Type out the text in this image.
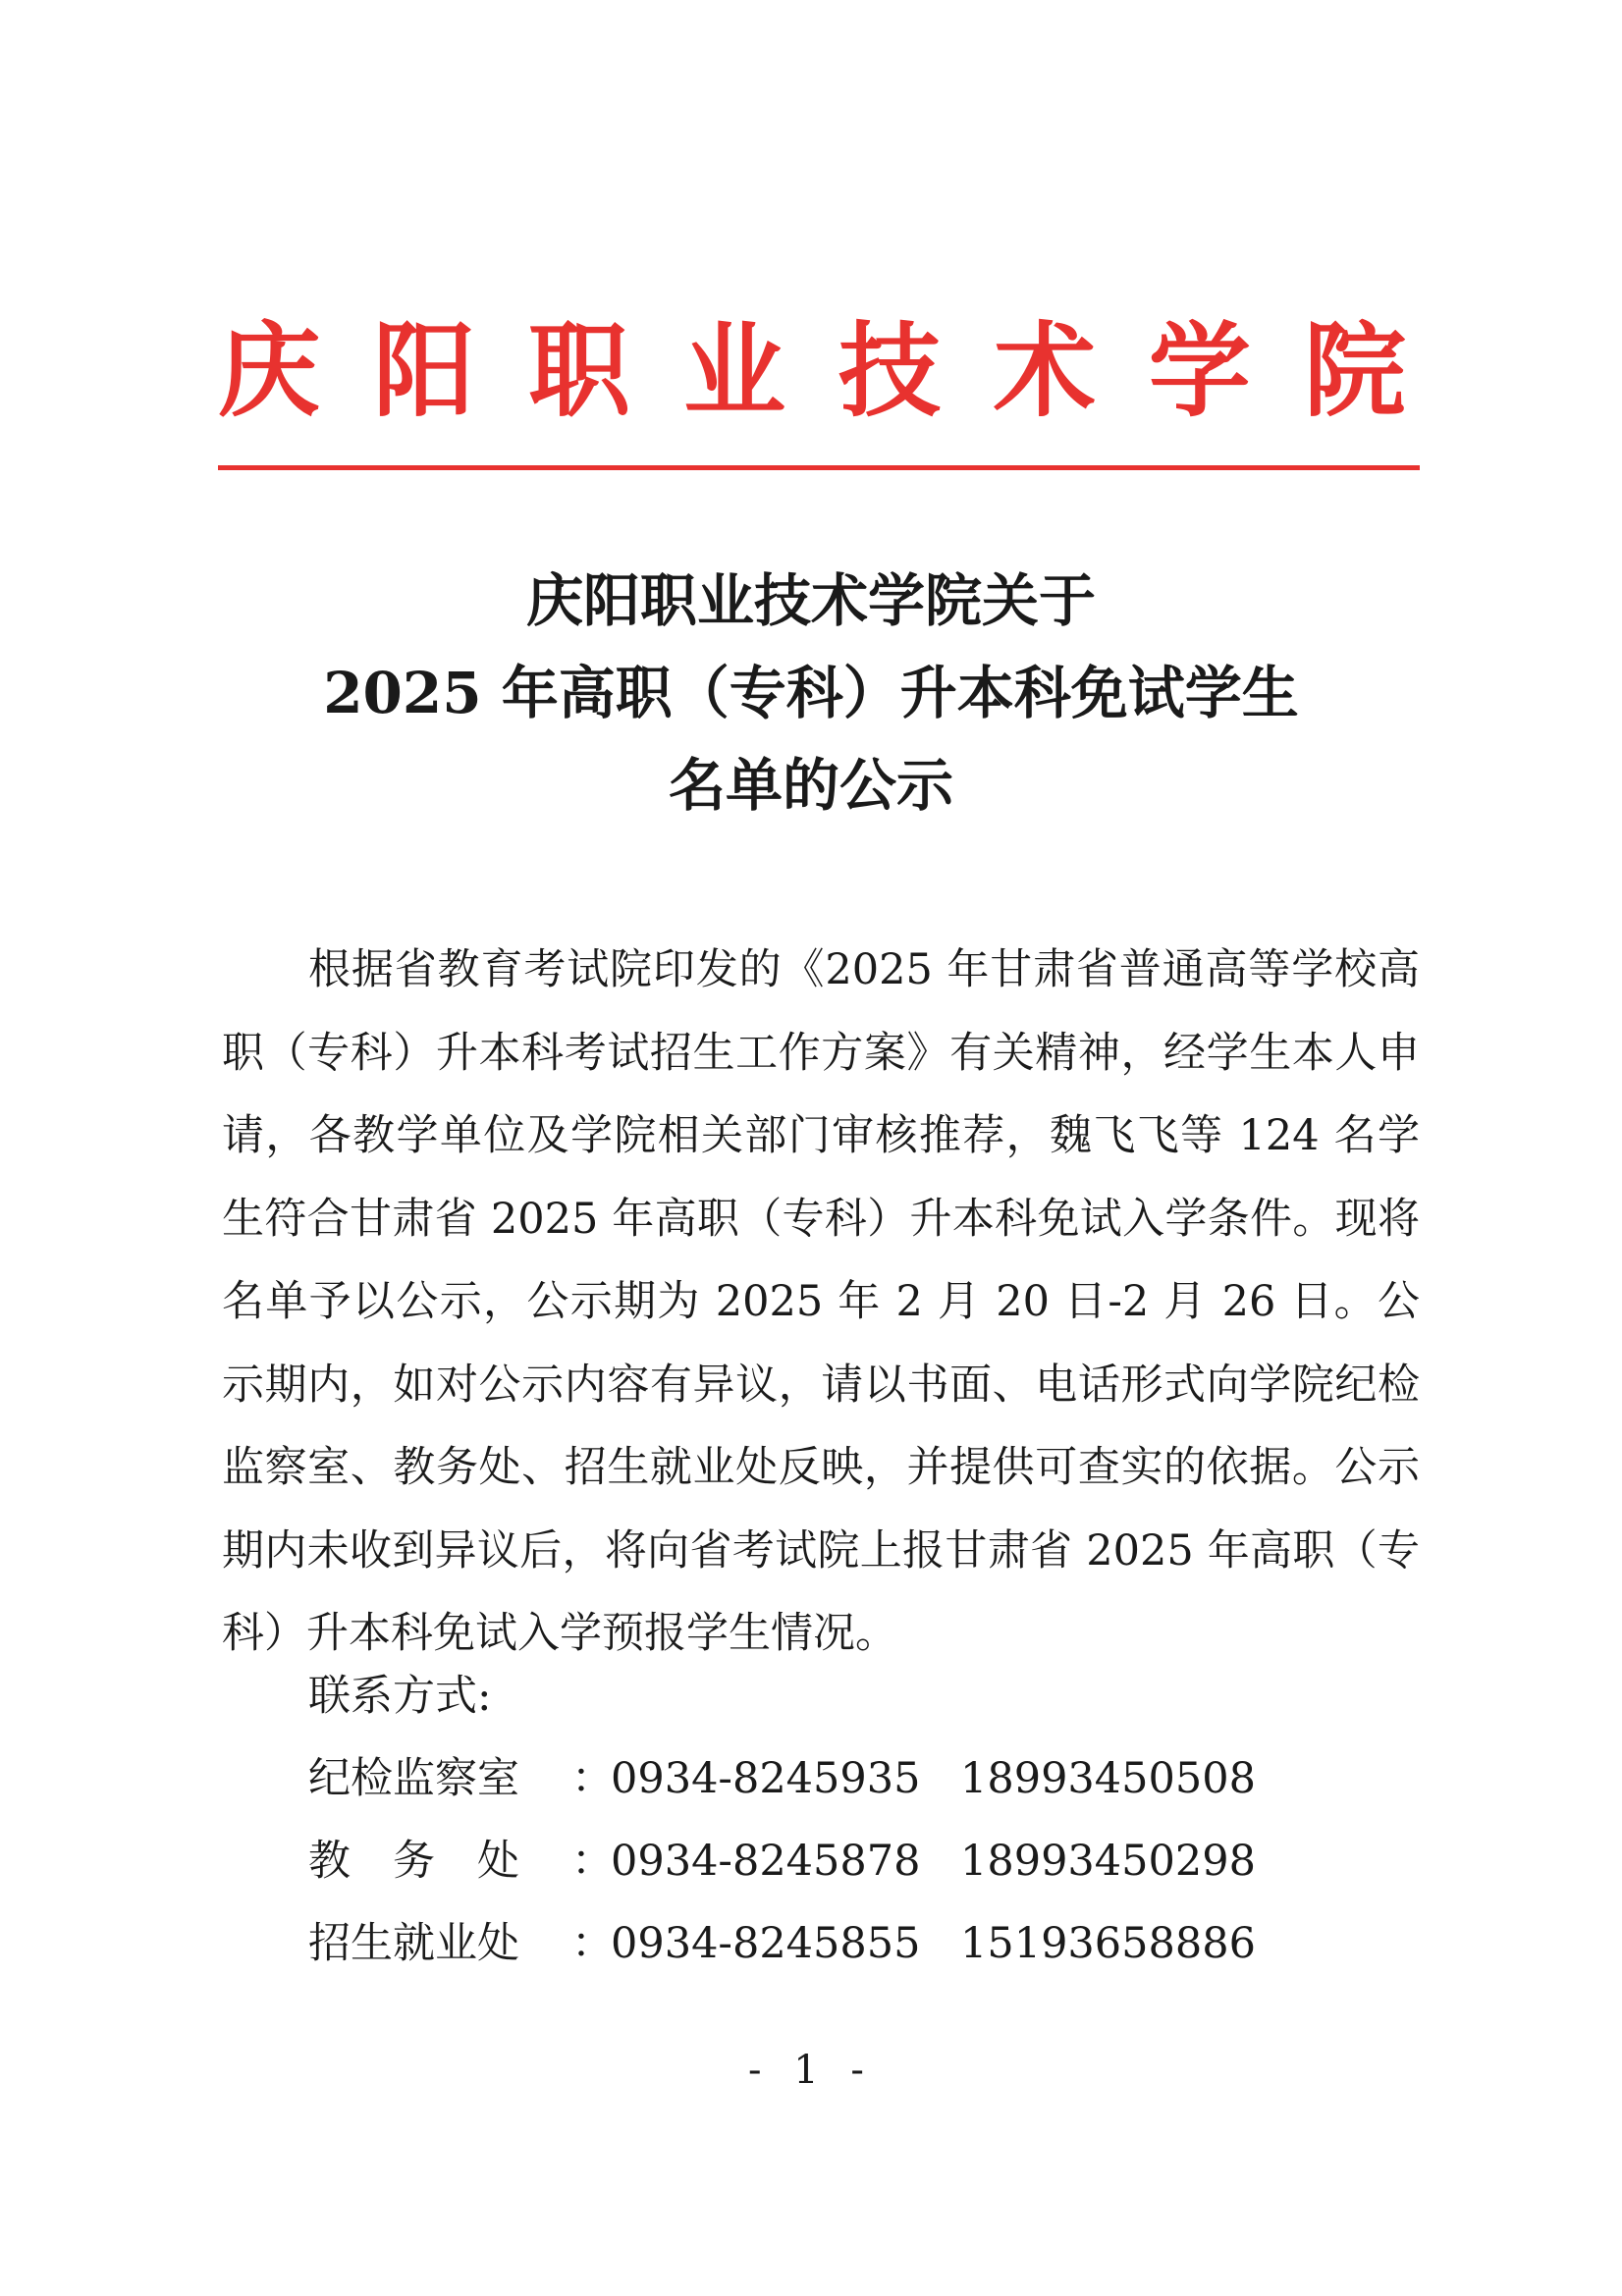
庆 阳 职 业 技 术 学 院
庆阳职业技术学院关于
2025 年高职（专科）升本科免试学生
名单的公示

根据省教育考试院印发的《2025 年甘肃省普通高等学校高职（专科）升本科考试招生工作方案》有关精神，经学生本人申请，各教学单位及学院相关部门审核推荐，魏飞飞等 124 名学生符合甘肃省 2025 年高职（专科）升本科免试入学条件。现将名单予以公示，公示期为 2025 年 2 月 20 日-2 月 26 日。公示期内，如对公示内容有异议，请以书面、电话形式向学院纪检监察室、教务处、招生就业处反映，并提供可查实的依据。公示期内未收到异议后，将向省考试院上报甘肃省 2025 年高职（专科）升本科免试入学预报学生情况。

联系方式:
纪检监察室 ：0934-8245935 18993450508
教　务　处 ：0934-8245878 18993450298
招生就业处 ：0934-8245855 15193658886
- 1 -
